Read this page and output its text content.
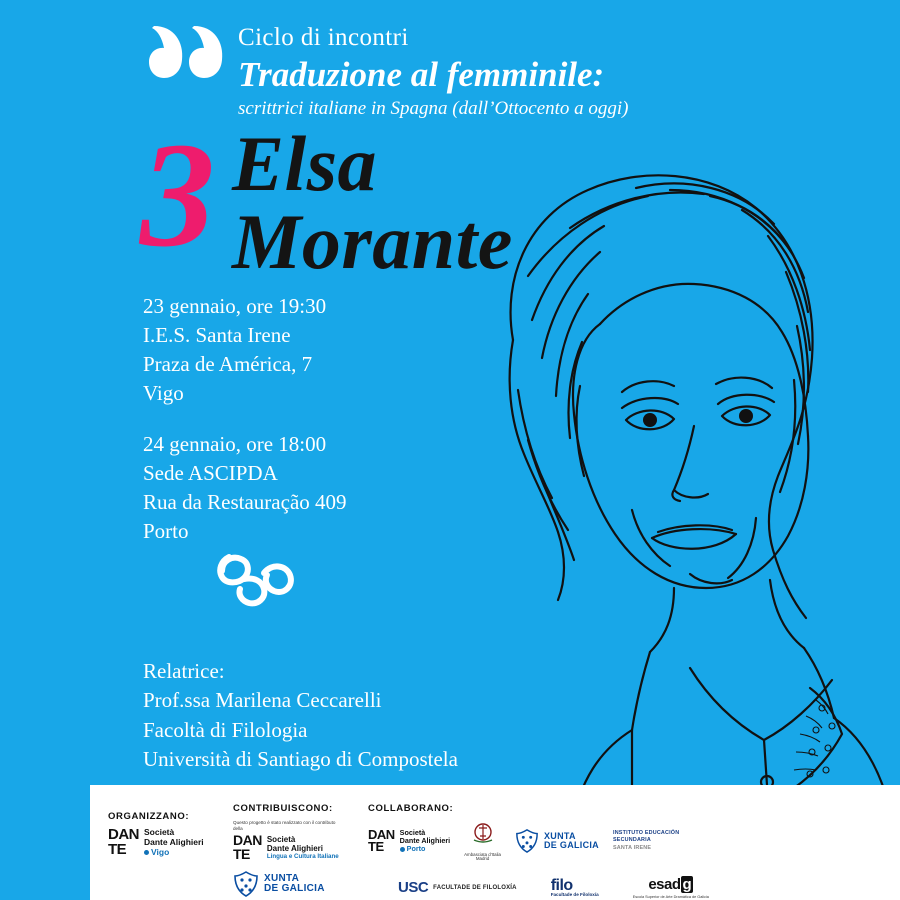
Ciclo di incontri
Traduzione al femminile:
scrittrici italiane in Spagna (dall’Ottocento a oggi)
3 Elsa
Morante
23 gennaio, ore 19:30
I.E.S. Santa Irene
Praza de América, 7
Vigo
24 gennaio, ore 18:00
Sede ASCIPDA
Rua da Restauração 409
Porto
Relatrice:
Prof.ssa Marilena Ceccarelli
Facoltà di Filologia
Università di Santiago di Compostela
ORGANIZZANO:
DAN
TE
Società
Dante Alighieri
Vigo
CONTRIBUISCONO:
Questo progetto è stato realizzato con il contributo della
DAN
TE
Società
Dante Alighieri
Lingua e Cultura Italiane
XUNTA
DE GALICIA
COLLABORANO:
DAN
TE
Società
Dante Alighieri
Porto
Ambasciata d’Italia
Madrid
XUNTA
DE GALICIA
INSTITUTO EDUCACIÓN
SECUNDARIA
SANTA IRENE
USC FACULTADE DE FILOLOXÍA filo
Facultade de Filoloxía
esad g
Escola Superior de Arte Dramática de Galicia
